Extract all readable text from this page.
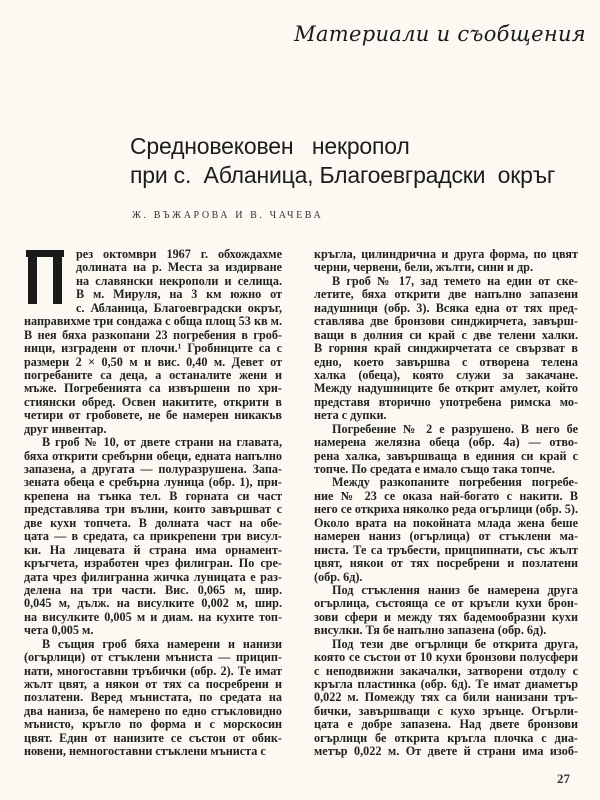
Материали и съобщения
Средновековен   некропол
при с.  Абланица, Благоевградски  окръг
Ж. ВЪЖАРОВА И В. ЧАЧЕВА
рез октомври 1967 г. обхождахме
долината на р. Места за издирване
на славянски некрополи и селища.
В м. Мируля, на 3 км южно от
с. Абланица, Благоевградски окръг,
направихме три сондажа с обща площ 53 кв м.
В нея бяха разкопани 23 погребения в гроб-
ници, изградени от плочи.¹ Гробниците са с
размери 2 × 0,50 м и вис. 0,40 м. Девет от
погребаните са деца, а останалите жени и
мъже. Погребенията са извършени по хри-
стиянски обред. Освен накитите, открити в
четири от гробовете, не бе намерен никакъв
друг инвентар.
В гроб № 10, от двете страни на главата,
бяха открити сребърни обеци, едната напълно
запазена, а другата — полуразрушена. Запа-
зената обеца е сребърна луница (обр. 1), при-
крепена на тънка тел. В горната си част
представлява три вълни, които завършват с
две кухи топчета. В долната част на обе-
цата — в средата, са прикрепени три висул-
ки. На лицевата й страна има орнамент-
кръгчета, изработен чрез филигран. По сре-
дата чрез филигранна жичка луницата е раз-
делена на три части. Вис. 0,065 м, шир.
0,045 м, дълж. на висулките 0,002 м, шир.
на висулките 0,005 м и диам. на кухите топ-
чета 0,005 м.
В същия гроб бяха намерени и нанизи
(огърлици) от стъклени мъниста — прицип-
нати, многоставни тръбички (обр. 2). Те имат
жълт цвят, а някои от тях са посребрени и
позлатени. Веред мънистата, по средата на
два наниза, бе намерено по едно стъкловидно
мънисто, кръгло по форма и с морскосин
цвят. Един от нанизите се състои от обик-
новени, немногоставни стъклени мъниста с
кръгла, цилиндрична и друга форма, по цвят
черни, червени, бели, жълти, сини и др.
В гроб № 17, зад темето на един от ске-
летите, бяха открити две напълно запазени
надушници (обр. 3). Всяка една от тях пред-
ставлява две бронзови синджирчета, завърш-
ващи в долния си край с две телени халки.
В горния край синджирчетата се свързват в
едно, което завършва с отворена телена
халка (обеца), която служи за закачане.
Между надушниците бе открит амулет, който
представя вторично употребена римска мо-
нета с дупки.
Погребение № 2 е разрушено. В него бе
намерена желязна обеца (обр. 4а) — отво-
рена халка, завършваща в единия си край с
топче. По средата е имало също така топче.
Между разкопаните погребения погребе-
ние № 23 се оказа най-богато с накити. В
него се откриха няколко реда огърлици (обр. 5).
Около врата на покойната млада жена беше
намерен наниз (огърлица) от стъклени ма-
ниста. Те са тръбести, прицпипнати, със жълт
цвят, някои от тях посребрени и позлатени
(обр. 6д).
Под стъклення наниз бе намерена друга
огърлица, състояща се от кръгли кухи брон-
зови сфери и между тях бадемообразни кухи
висулки. Тя бе напълно запазена (обр. 6д).
Под тези две огърлици бе открита друга,
която се състои от 10 кухи бронзови полусфери
с неподвижни закачалки, затворени отдолу с
кръгла пластинка (обр. 6д). Те имат диаметър
0,022 м. Помежду тях са били нанизани тръ-
бички, завършващи с кухо зрънце. Огърли-
цата е добре запазена. Над двете бронзови
огърлици бе открита кръгла плочка с диа-
метър 0,022 м. От двете й страни има изоб-
27
